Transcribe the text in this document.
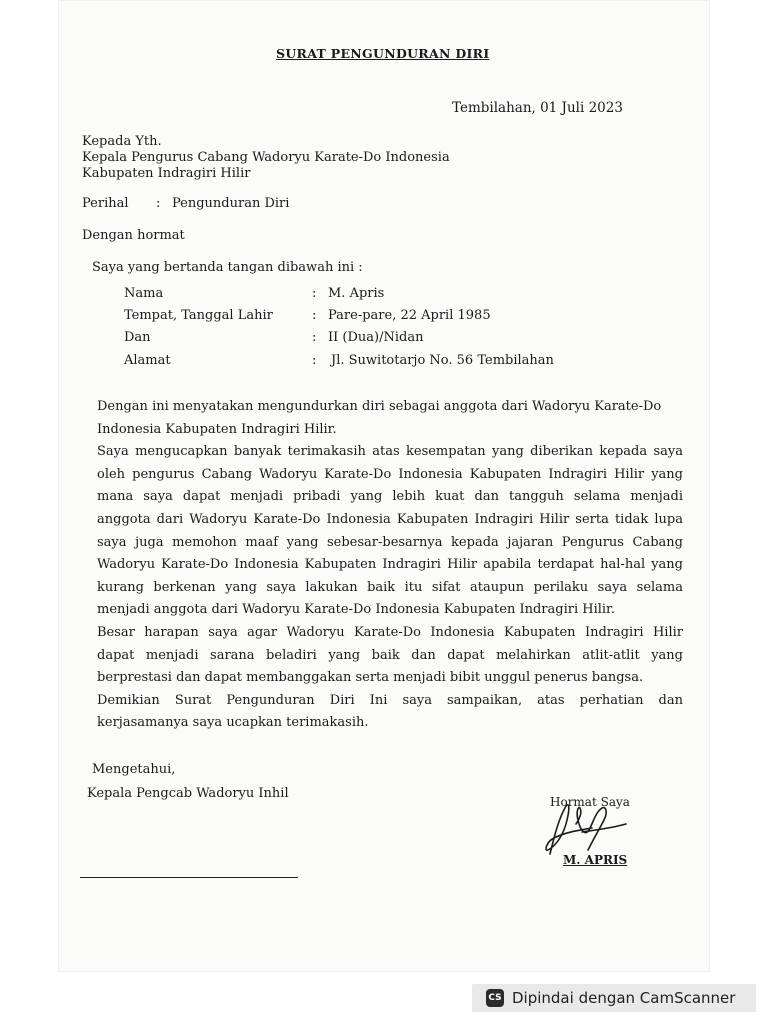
SURAT PENGUNDURAN DIRI
Tembilahan, 01 Juli 2023
Kepada Yth.
Kepala Pengurus Cabang Wadoryu Karate-Do Indonesia
Kabupaten Indragiri Hilir
Perihal : Pengunduran Diri
Dengan hormat
Saya yang bertanda tangan dibawah ini :
Nama	: M. Apris
Tempat, Tanggal Lahir	: Pare-pare, 22 April 1985
Dan	: II (Dua)/Nidan
Alamat	: Jl. Suwitotarjo No. 56 Tembilahan
Dengan ini menyatakan mengundurkan diri sebagai anggota dari Wadoryu Karate-Do
Indonesia Kabupaten Indragiri Hilir.
Saya mengucapkan banyak terimakasih atas kesempatan yang diberikan kepada saya
oleh pengurus Cabang Wadoryu Karate-Do Indonesia Kabupaten Indragiri Hilir yang
mana saya dapat menjadi pribadi yang lebih kuat dan tangguh selama menjadi
anggota dari Wadoryu Karate-Do Indonesia Kabupaten Indragiri Hilir serta tidak lupa
saya juga memohon maaf yang sebesar-besarnya kepada jajaran Pengurus Cabang
Wadoryu Karate-Do Indonesia Kabupaten Indragiri Hilir apabila terdapat hal-hal yang
kurang berkenan yang saya lakukan baik itu sifat ataupun perilaku saya selama
menjadi anggota dari Wadoryu Karate-Do Indonesia Kabupaten Indragiri Hilir.
Besar harapan saya agar Wadoryu Karate-Do Indonesia Kabupaten Indragiri Hilir
dapat menjadi sarana beladiri yang baik dan dapat melahirkan atlit-atlit yang
berprestasi dan dapat membanggakan serta menjadi bibit unggul penerus bangsa.
Demikian Surat Pengunduran Diri Ini saya sampaikan, atas perhatian dan
kerjasamanya saya ucapkan terimakasih.
Mengetahui,
Kepala Pengcab Wadoryu Inhil
Hormat Saya
M. APRIS
CS Dipindai dengan CamScanner
